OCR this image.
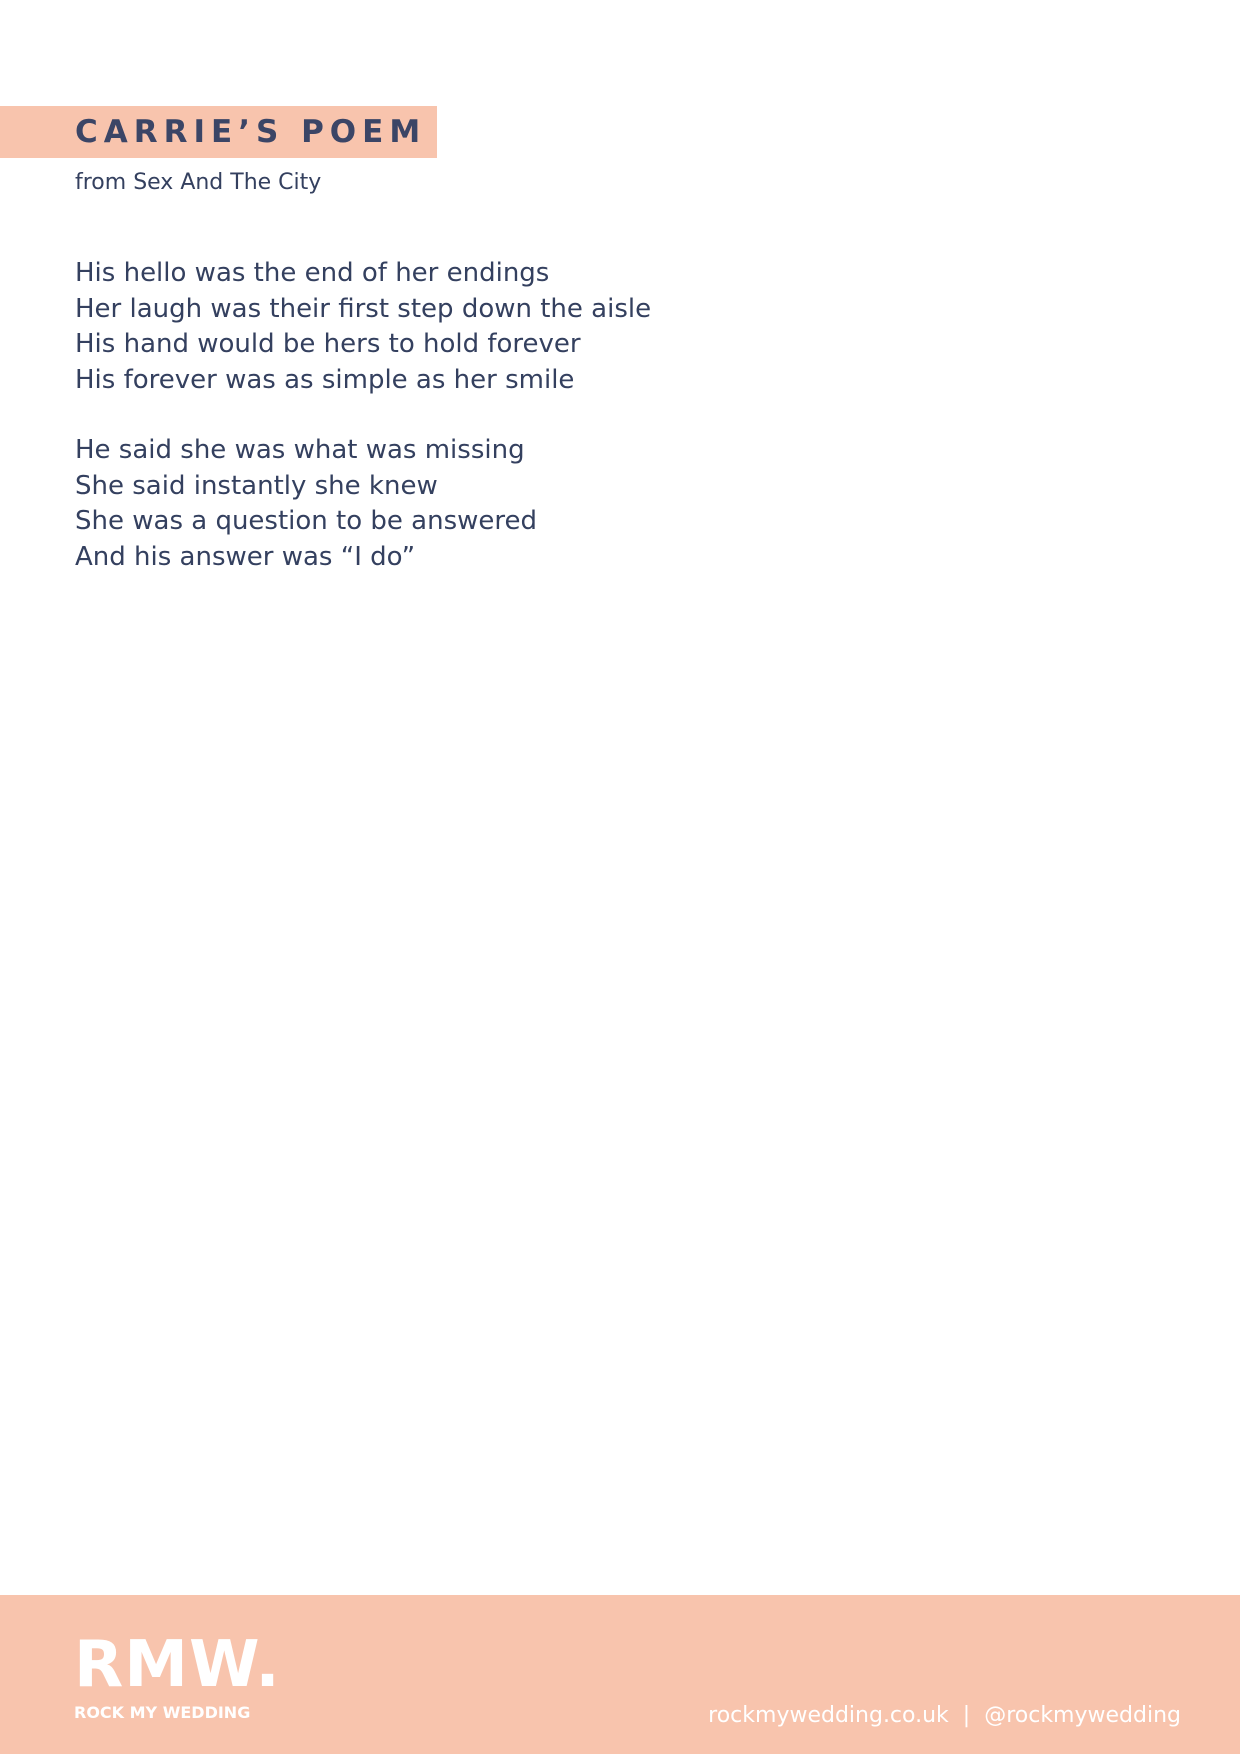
CARRIE’S POEM

from Sex And The City

His hello was the end of her endings
Her laugh was their first step down the aisle
His hand would be hers to hold forever
His forever was as simple as her smile
He said she was what was missing
She said instantly she knew
She was a question to be answered
And his answer was “I do”
RMW.
ROCK MY WEDDING	rockmywedding.co.uk | @rockmywedding
